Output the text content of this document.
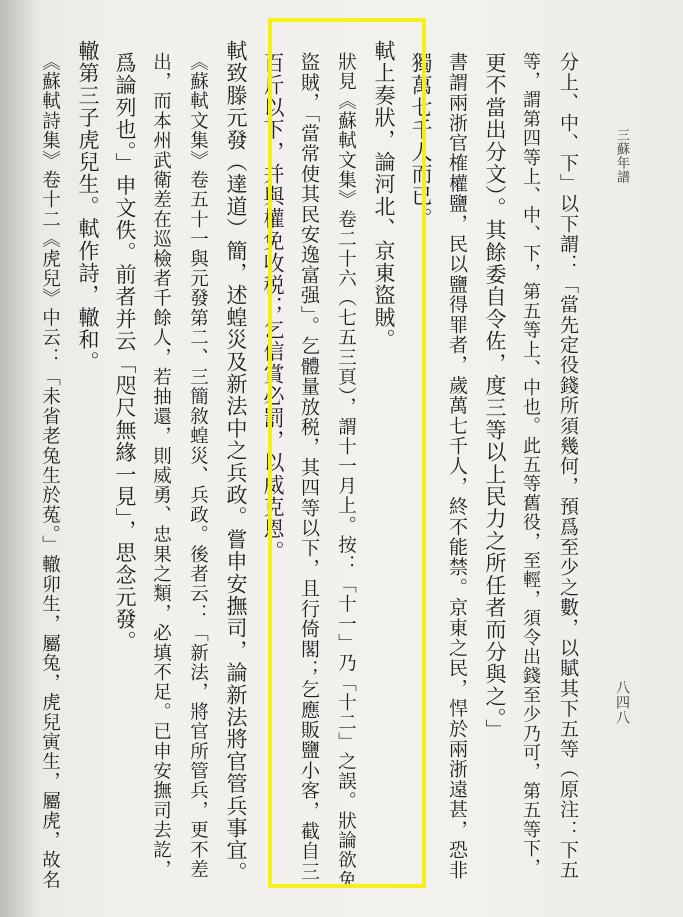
三蘇年譜
八四八
分上、中、下」以下謂：「當先定役錢所須幾何，預爲至少之數，以賦其下五等（原注：下五
等，謂第四等上、中、下，第五等上、中也。此五等舊役，至輕，須令出錢至少乃可，第五等下，
更不當出分文）。其餘委自令佐，度三等以上民力之所任者而分與之。」
書謂兩浙官榷權鹽，民以鹽得罪者，歲萬七千人，終不能禁。京東之民，悍於兩浙遠甚，恐非
獨萬七千人而已。
軾上奏狀，論河北、京東盜賊。
狀見《蘇軾文集》卷二十六（七五三頁），謂十一月上。按：「十一」乃「十二」之誤。狀論欲免
盜賊，「當常使其民安逸富强」。乞體量放税，其四等以下，且行倚閣；乞應販鹽小客，截自三
百斤以下，并與權免收税；乞信賞必罰，以威克恩。
軾致滕元發（達道）簡，述蝗災及新法中之兵政。嘗申安撫司，論新法將官管兵事宜。
《蘇軾文集》卷五十一與元發第二、三簡敘蝗災、兵政。後者云：「新法，將官所管兵，更不差
出，而本州武衛差在巡檢者千餘人，若抽還，則威勇、忠果之類，必填不足。已申安撫司去訖，
爲論列也。」申文佚。前者并云「咫尺無緣一見」，思念元發。
轍第三子虎兒生。軾作詩，轍和。
《蘇軾詩集》卷十二《虎兒》中云：「未省老兔生於菟。」轍卯生，屬兔，虎兒寅生，屬虎，故名
